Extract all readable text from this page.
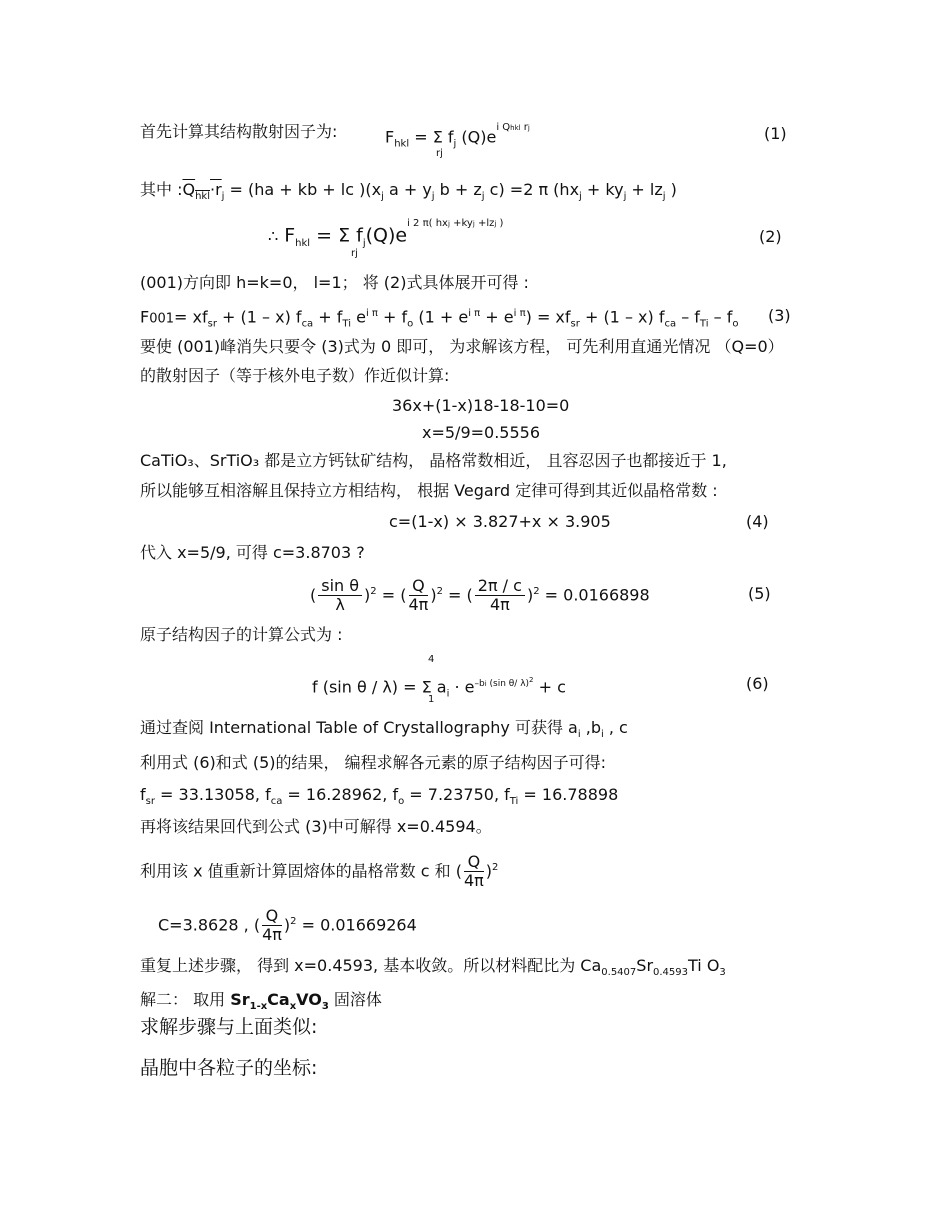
首先计算其结构散射因子为:	$F_{hkl} = \Sigma$ $f_j$ $(Q)e^{i Qhkl rj}$
rj
(1)
其中 $:Q_{hkl}\cdot r_j = (ha$ + kb + lc )($x_j$ $a + y_j$ $b + z_j$ c) =2 π ($hx_j + ky_j + lz_j$ )
∴ $F_{hkl} = \Sigma$ $f_j(Q)e^{i 2 \pi( hxj +kyj +lzj )}$
rj
(2)
(001)方向即 h=k=0， l=1； 将 (2)式具体展开可得 :
$F001= xf_{sr} + (1 - x) f_{ca} + f_{Ti}$ $e^{i \pi} + f_o$ $(1 + e^{i \pi} + e^{i \pi}) = xf_{sr} + (1 - x)$ $f_{ca} - f_{Ti} - f_o$ (3)
要使 (001)峰消失只要令 (3)式为 0 即可， 为求解该方程， 可先利用直通光情况 （Q=0）
的散射因子（等于核外电子数）作近似计算:
36x+(1-x)18-18-10=0
x=5/9=0.5556
CaTiO₃、SrTiO₃ 都是立方钙钛矿结构， 晶格常数相近， 且容忍因子也都接近于 1,
所以能够互相溶解且保持立方相结构， 根据 Vegard 定律可得到其近似晶格常数 :
c=(1-x) × 3.827+x × 3.905	(4)
代入 x=5/9, 可得 c=3.8703 ?
( $\frac{\text{sin θ}}{\lambda} )^2$ = ( $\frac{Q}{4\pi} )^2$ = ( $\frac{2\pi / c}{4\pi} )^2 = 0.0166898$	(5)
原子结构因子的计算公式为 :
4
f (sin θ / λ) = Σ $a_i \cdot e^{-bi (sin \theta/ \lambda)^2} + c$
1
(6)
通过查阅 International Table of Crystallography 可获得 $a_i$ $,b_i$ , c
利用式 (6)和式 (5)的结果， 编程求解各元素的原子结构因子可得:
$f_{sr} = 33.13058$, $f_{ca} = 16.28962$, $f_o = 7.23750$, $f_{Ti} = 16.78898$
再将该结果回代到公式 (3)中可解得 x=0.4594。
利用该 x 值重新计算固熔体的晶格常数 c 和 ( $\frac{Q}{4\pi} )^2$
C=3.8628 , ( $\frac{Q}{4\pi} )^2 = 0.01669264$
重复上述步骤， 得到 x=0.4593, 基本收敛。所以材料配比为 $Ca_{0.5407}Sr_{0.4593}Ti$ $O_3$
解二： 取用 $Sr_{1-x}Ca_xVO_3$ 固溶体
求解步骤与上面类似:
晶胞中各粒子的坐标:
